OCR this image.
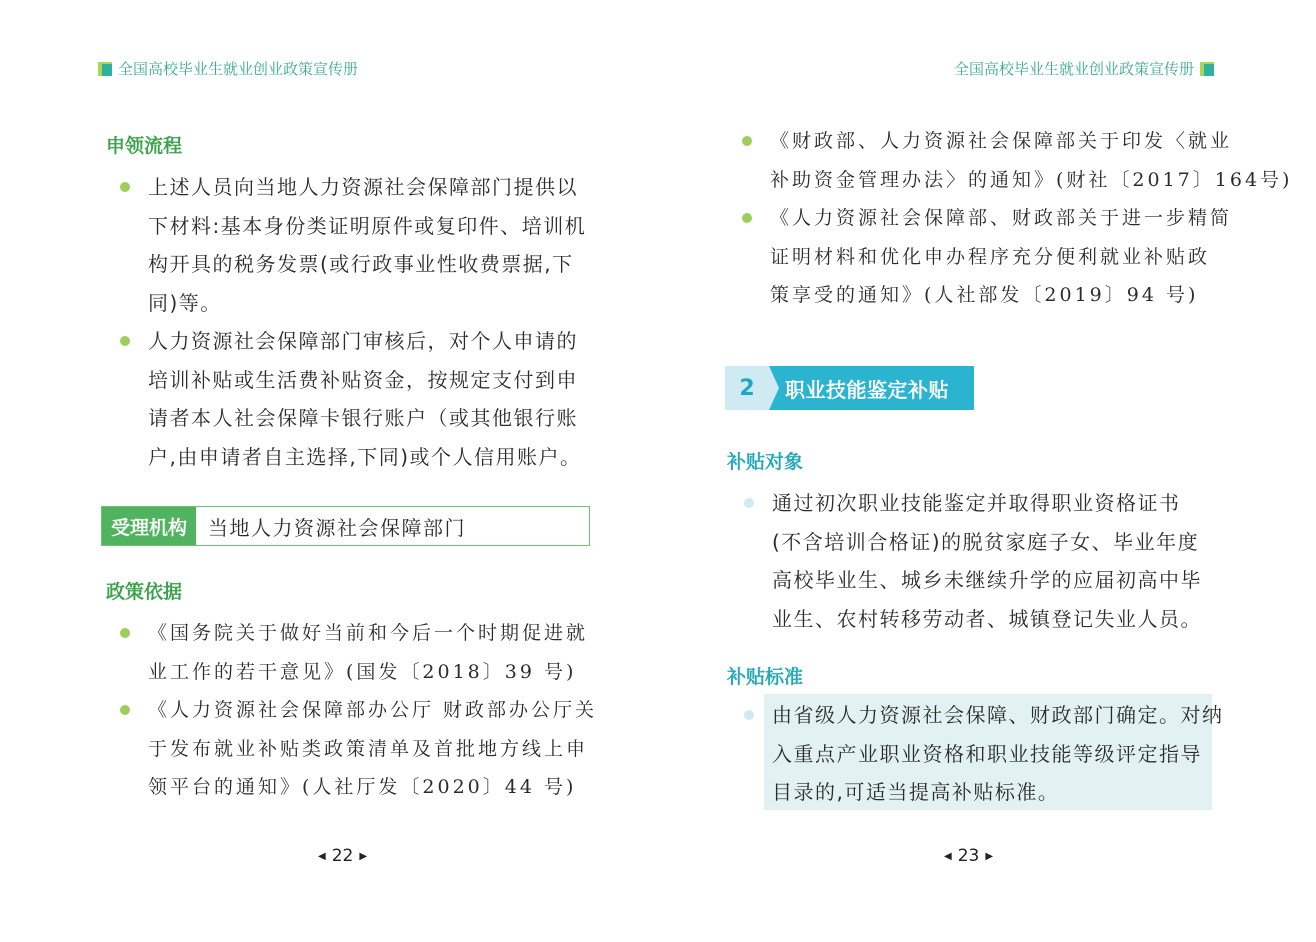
全国高校毕业生就业创业政策宣传册
申领流程
上述人员向当地人力资源社会保障部门提供以
下材料:基本身份类证明原件或复印件、培训机
构开具的税务发票(或行政事业性收费票据,下
同)等。
人力资源社会保障部门审核后，对个人申请的
培训补贴或生活费补贴资金，按规定支付到申
请者本人社会保障卡银行账户（或其他银行账
户,由申请者自主选择,下同)或个人信用账户。
受理机构	当地人力资源社会保障部门
政策依据
《国务院关于做好当前和今后一个时期促进就
业工作的若干意见》(国发〔2018〕39 号)
《人力资源社会保障部办公厅 财政部办公厅关
于发布就业补贴类政策清单及首批地方线上申
领平台的通知》(人社厅发〔2020〕44 号)
◀ 22 ▶
全国高校毕业生就业创业政策宣传册
《财政部、人力资源社会保障部关于印发〈就业
补助资金管理办法〉的通知》(财社〔2017〕164号)
《人力资源社会保障部、财政部关于进一步精简
证明材料和优化申办程序充分便利就业补贴政
策享受的通知》(人社部发〔2019〕94 号)
2	职业技能鉴定补贴
补贴对象
通过初次职业技能鉴定并取得职业资格证书
(不含培训合格证)的脱贫家庭子女、毕业年度
高校毕业生、城乡未继续升学的应届初高中毕
业生、农村转移劳动者、城镇登记失业人员。
补贴标准
由省级人力资源社会保障、财政部门确定。对纳
入重点产业职业资格和职业技能等级评定指导
目录的,可适当提高补贴标准。
◀ 23 ▶
